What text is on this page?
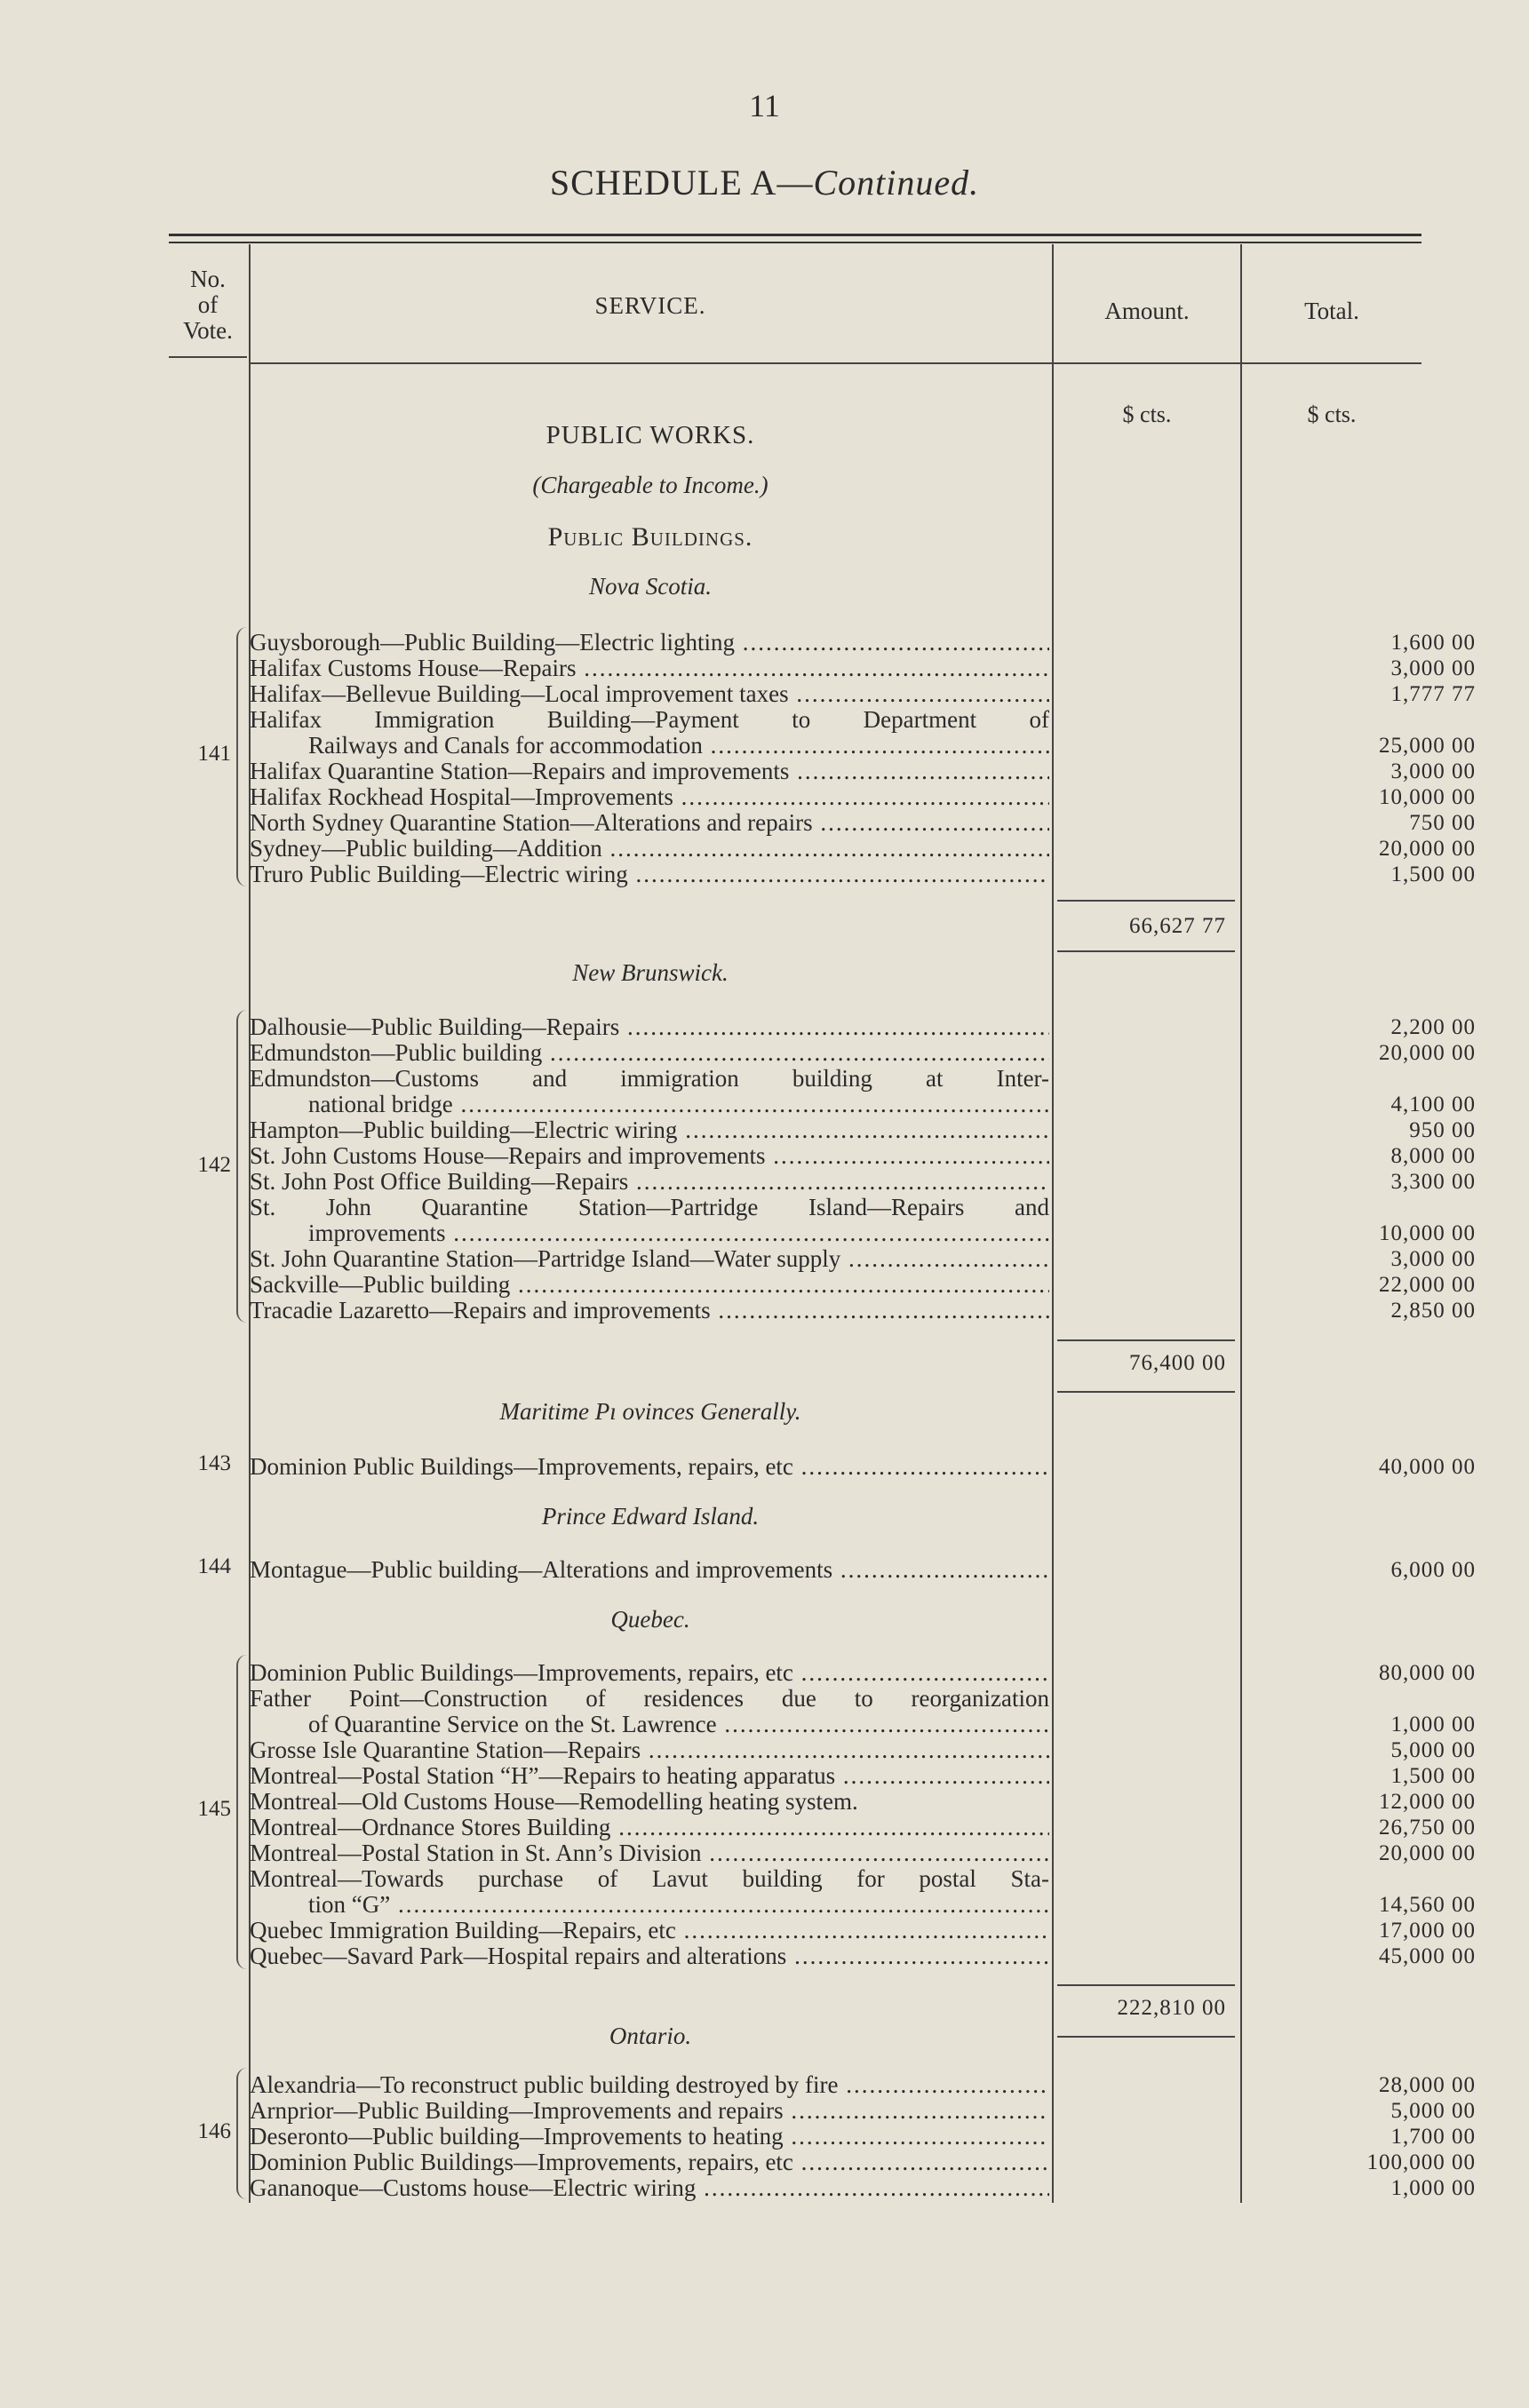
11
SCHEDULE A—Continued.
No.
of
Vote.
SERVICE.	Amount.	Total.
$ cts.	$ cts.
PUBLIC WORKS.
(Chargeable to Income.)
Public Buildings.
Nova Scotia.
141
Guysborough—Public Building—Electric lighting .....	1,600 00
Halifax Customs House—Repairs .....	3,000 00
Halifax—Bellevue Building—Local improvement taxes .....	1,777 77
Halifax Immigration Building—Payment to Department of
Railways and Canals for accommodation .....	25,000 00
Halifax Quarantine Station—Repairs and improvements .....	3,000 00
Halifax Rockhead Hospital—Improvements .....	10,000 00
North Sydney Quarantine Station—Alterations and repairs .....	750 00
Sydney—Public building—Addition .....	20,000 00
Truro Public Building—Electric wiring .....	1,500 00
66,627 77
New Brunswick.
142
Dalhousie—Public Building—Repairs .....	2,200 00
Edmundston—Public building .....	20,000 00
Edmundston—Customs and immigration building at Inter-
national bridge .....	4,100 00
Hampton—Public building—Electric wiring .....	950 00
St. John Customs House—Repairs and improvements .....	8,000 00
St. John Post Office Building—Repairs .....	3,300 00
St. John Quarantine Station—Partridge Island—Repairs and
improvements .....	10,000 00
St. John Quarantine Station—Partridge Island—Water supply .....	3,000 00
Sackville—Public building .....	22,000 00
Tracadie Lazaretto—Repairs and improvements .....	2,850 00
76,400 00
Maritime Pı ovinces Generally.
143 Dominion Public Buildings—Improvements, repairs, etc .....	40,000 00
Prince Edward Island.
144 Montague—Public building—Alterations and improvements .....	6,000 00
Quebec.
145
Dominion Public Buildings—Improvements, repairs, etc .....	80,000 00
Father Point—Construction of residences due to reorganization
of Quarantine Service on the St. Lawrence .....	1,000 00
Grosse Isle Quarantine Station—Repairs .....	5,000 00
Montreal—Postal Station “H”—Repairs to heating apparatus .....	1,500 00
Montreal—Old Customs House—Remodelling heating system.	12,000 00
Montreal—Ordnance Stores Building .....	26,750 00
Montreal—Postal Station in St. Ann’s Division .....	20,000 00
Montreal—Towards purchase of Lavut building for postal Sta-
tion “G” .....	14,560 00
Quebec Immigration Building—Repairs, etc .....	17,000 00
Quebec—Savard Park—Hospital repairs and alterations .....	45,000 00
222,810 00
Ontario.
146
Alexandria—To reconstruct public building destroyed by fire .....	28,000 00
Arnprior—Public Building—Improvements and repairs .....	5,000 00
Deseronto—Public building—Improvements to heating .....	1,700 00
Dominion Public Buildings—Improvements, repairs, etc .....	100,000 00
Gananoque—Customs house—Electric wiring .....	1,000 00
